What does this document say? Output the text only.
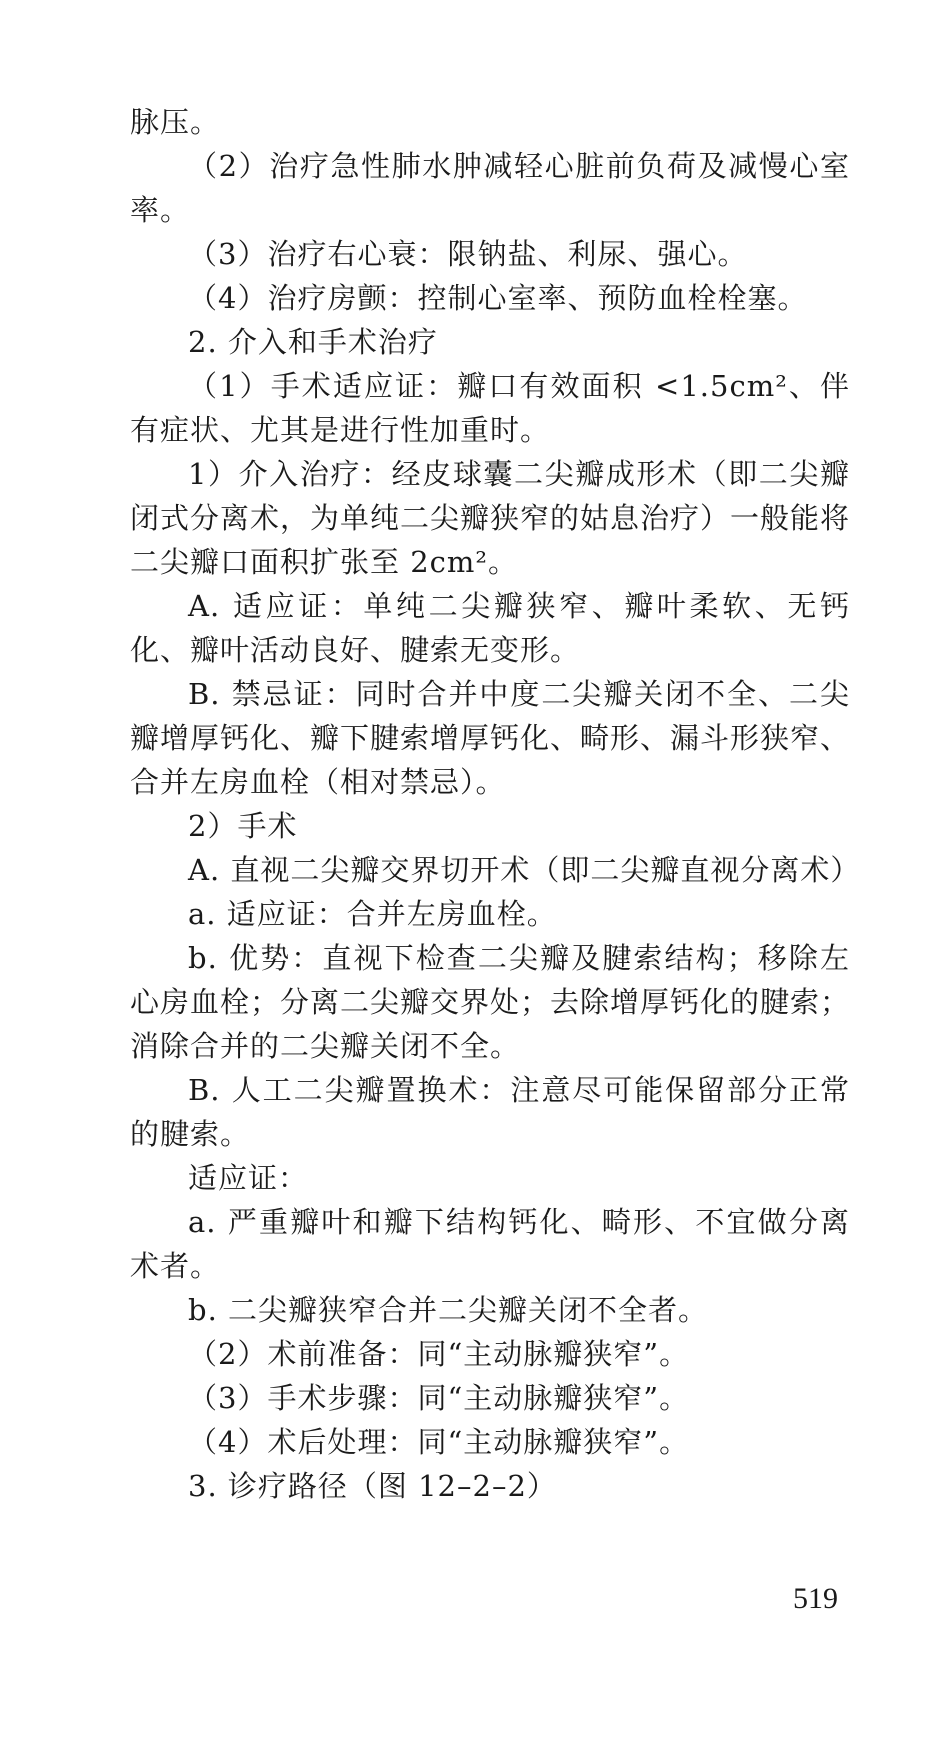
脉压。

（2）治疗急性肺水肿减轻心脏前负荷及减慢心室率。

（3）治疗右心衰：限钠盐、利尿、强心。

（4）治疗房颤：控制心室率、预防血栓栓塞。

2. 介入和手术治疗

（1）手术适应证：瓣口有效面积 <1.5cm²、伴有症状、尤其是进行性加重时。

1）介入治疗：经皮球囊二尖瓣成形术（即二尖瓣闭式分离术，为单纯二尖瓣狭窄的姑息治疗）一般能将二尖瓣口面积扩张至 2cm²。

A. 适应证：单纯二尖瓣狭窄、瓣叶柔软、无钙化、瓣叶活动良好、腱索无变形。

B. 禁忌证：同时合并中度二尖瓣关闭不全、二尖瓣增厚钙化、瓣下腱索增厚钙化、畸形、漏斗形狭窄、合并左房血栓（相对禁忌）。

2）手术

A. 直视二尖瓣交界切开术（即二尖瓣直视分离术）

a. 适应证：合并左房血栓。

b. 优势：直视下检查二尖瓣及腱索结构；移除左心房血栓；分离二尖瓣交界处；去除增厚钙化的腱索；消除合并的二尖瓣关闭不全。

B. 人工二尖瓣置换术：注意尽可能保留部分正常的腱索。

适应证：

a. 严重瓣叶和瓣下结构钙化、畸形、不宜做分离术者。

b. 二尖瓣狭窄合并二尖瓣关闭不全者。

（2）术前准备：同“主动脉瓣狭窄”。

（3）手术步骤：同“主动脉瓣狭窄”。

（4）术后处理：同“主动脉瓣狭窄”。

3. 诊疗路径（图 12–2–2）

519
